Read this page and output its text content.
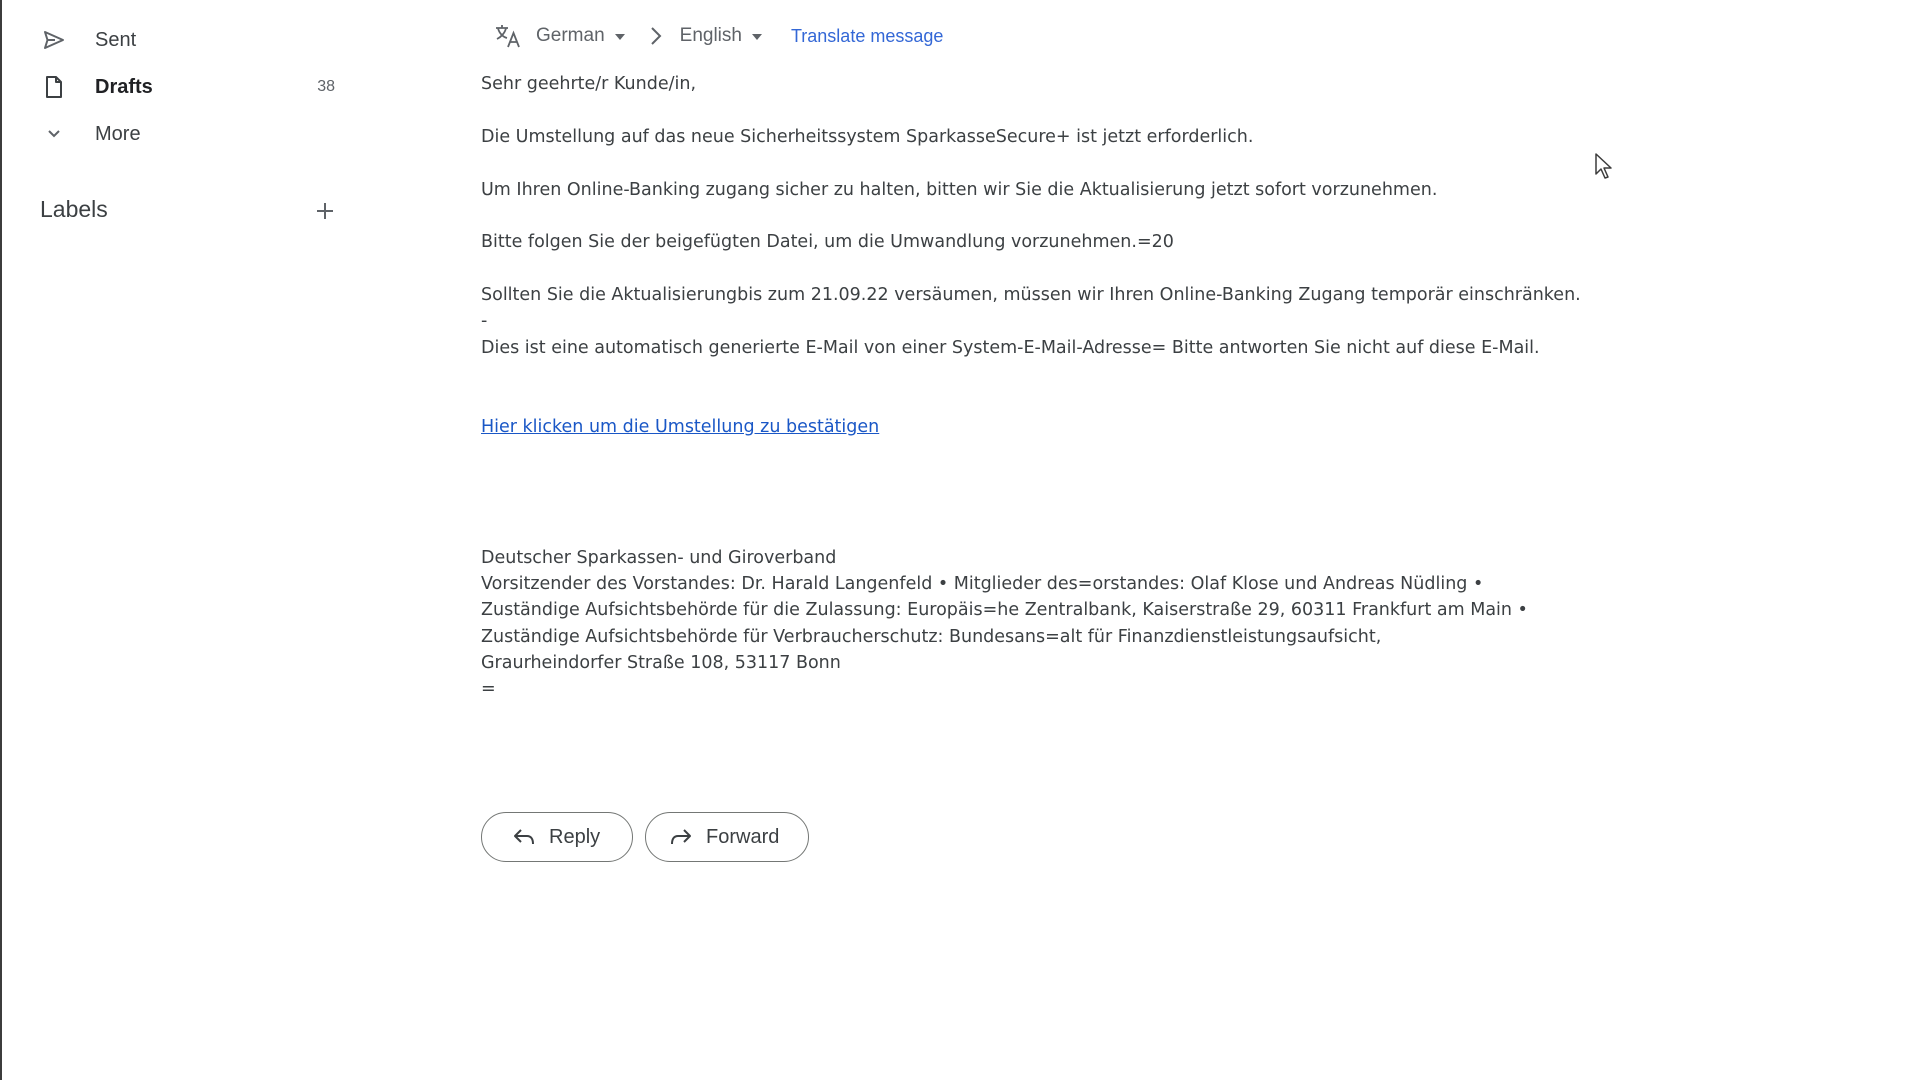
Sent
Drafts	38
More
Labels
German	English	Translate message

Sehr geehrte/r Kunde/in,

Die Umstellung auf das neue Sicherheitssystem SparkasseSecure+ ist jetzt erforderlich.

Um Ihren Online-Banking zugang sicher zu halten, bitten wir Sie die Aktualisierung jetzt sofort vorzunehmen.

Bitte folgen Sie der beigefügten Datei, um die Umwandlung vorzunehmen.=20

Sollten Sie die Aktualisierungbis zum 21.09.22 versäumen, müssen wir Ihren Online-Banking Zugang temporär einschränken.

-

Dies ist eine automatisch generierte E-Mail von einer System-E-Mail-Adresse= Bitte antworten Sie nicht auf diese E-Mail.

Hier klicken um die Umstellung zu bestätigen

Deutscher Sparkassen- und Giroverband

Vorsitzender des Vorstandes: Dr. Harald Langenfeld • Mitglieder des=orstandes: Olaf Klose und Andreas Nüdling •

Zuständige Aufsichtsbehörde für die Zulassung: Europäis=he Zentralbank, Kaiserstraße 29, 60311 Frankfurt am Main •

Zuständige Aufsichtsbehörde für Verbraucherschutz: Bundesans=alt für Finanzdienstleistungsaufsicht,

Graurheindorfer Straße 108, 53117 Bonn

=

Reply	Forward
